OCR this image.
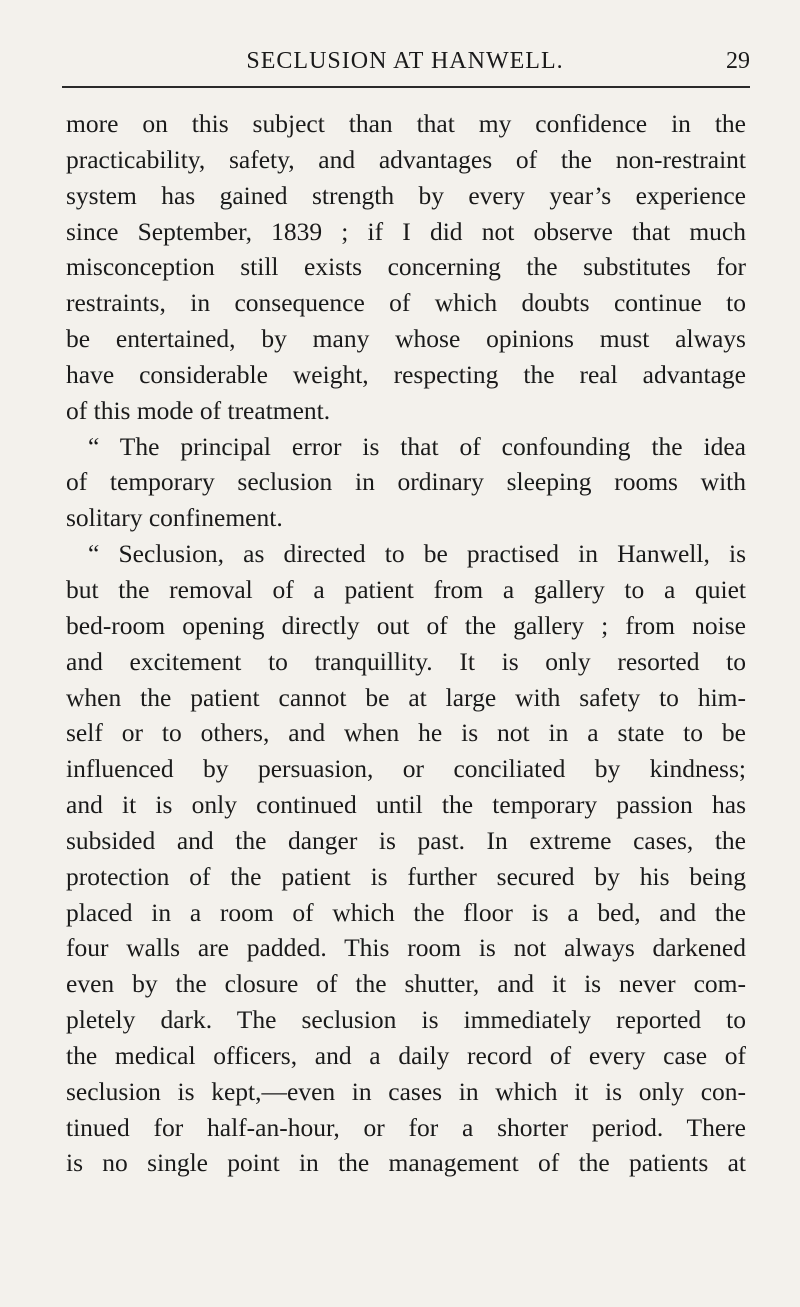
SECLUSION AT HANWELL.	29
more on this subject than that my confidence in the
practicability, safety, and advantages of the non-restraint
system has gained strength by every year’s experience
since September, 1839 ; if I did not observe that much
misconception still exists concerning the substitutes for
restraints, in consequence of which doubts continue to
be entertained, by many whose opinions must always
have considerable weight, respecting the real advantage
of this mode of treatment.
“ The principal error is that of confounding the idea
of temporary seclusion in ordinary sleeping rooms with
solitary confinement.
“ Seclusion, as directed to be practised in Hanwell, is
but the removal of a patient from a gallery to a quiet
bed-room opening directly out of the gallery ; from noise
and excitement to tranquillity. It is only resorted to
when the patient cannot be at large with safety to him-
self or to others, and when he is not in a state to be
influenced by persuasion, or conciliated by kindness;
and it is only continued until the temporary passion has
subsided and the danger is past. In extreme cases, the
protection of the patient is further secured by his being
placed in a room of which the floor is a bed, and the
four walls are padded. This room is not always darkened
even by the closure of the shutter, and it is never com-
pletely dark. The seclusion is immediately reported to
the medical officers, and a daily record of every case of
seclusion is kept,—even in cases in which it is only con-
tinued for half-an-hour, or for a shorter period. There
is no single point in the management of the patients at
